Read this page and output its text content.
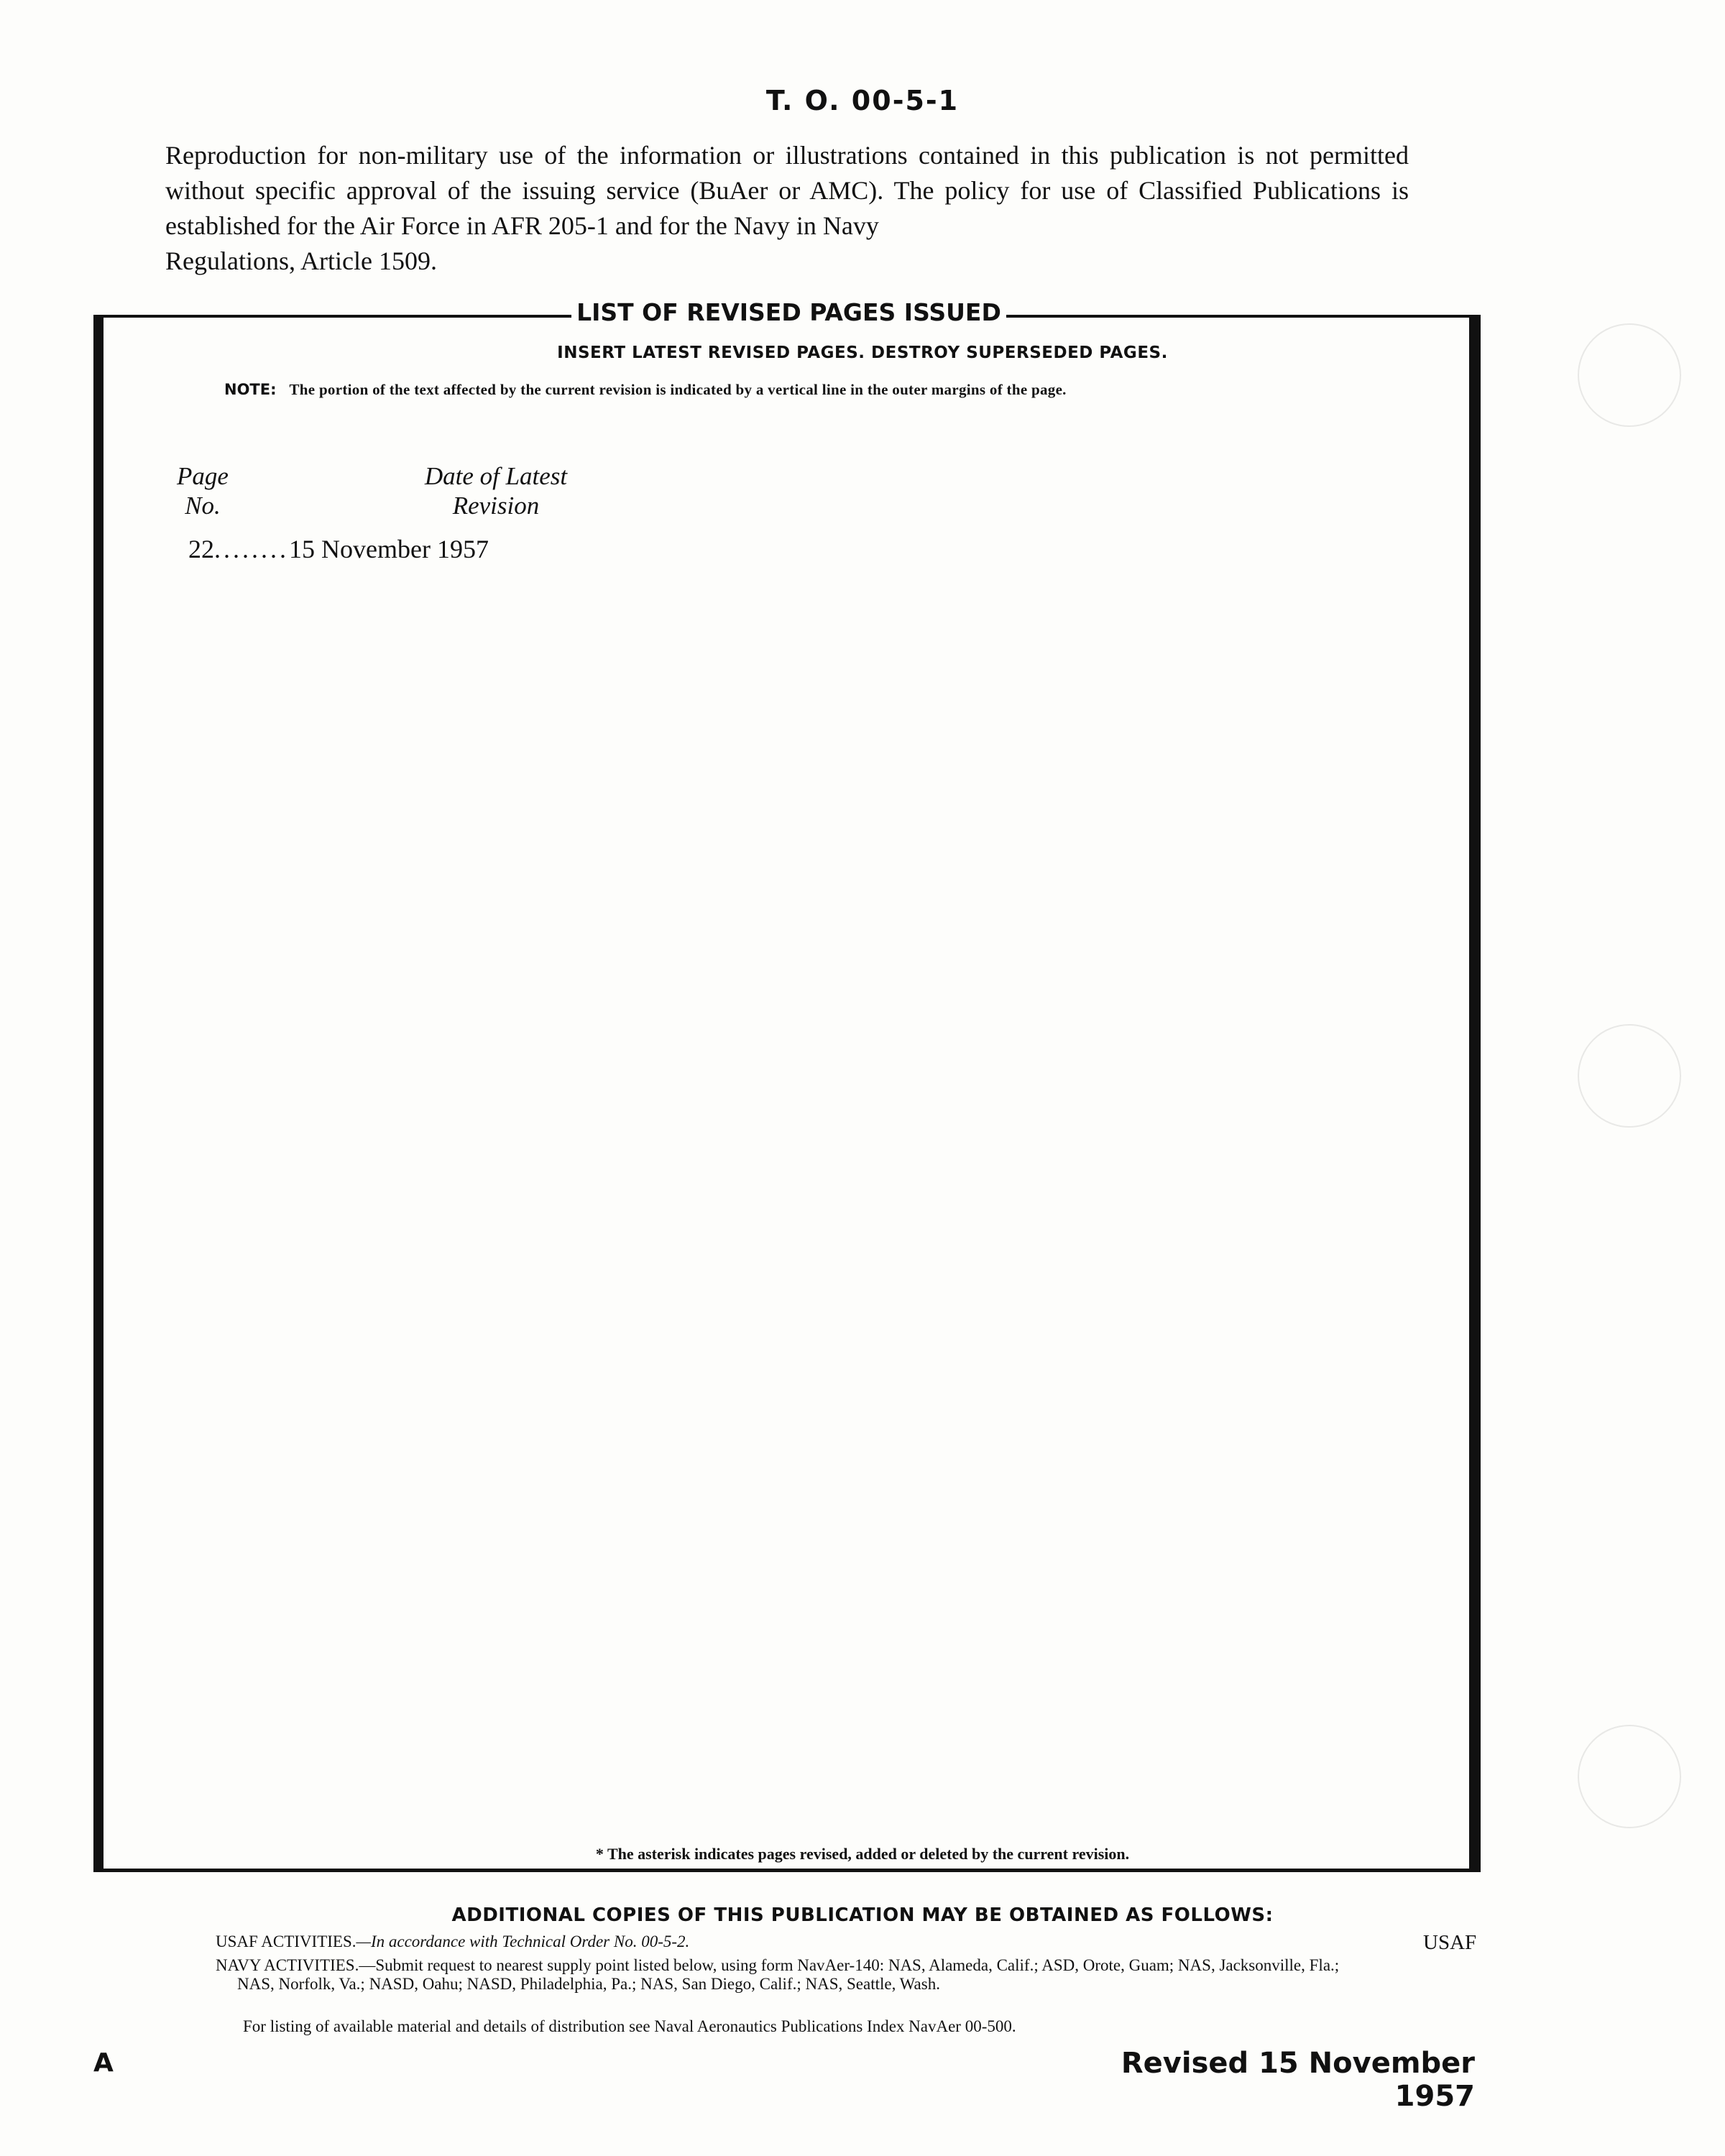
T. O. 00-5-1
Reproduction for non-military use of the information or illustrations contained in this publication is not permitted without specific approval of the issuing service (BuAer or AMC). The policy for use of Classified Publications is established for the Air Force in AFR 205-1 and for the Navy in Navy
Regulations, Article 1509.
LIST OF REVISED PAGES ISSUED
INSERT LATEST REVISED PAGES. DESTROY SUPERSEDED PAGES.
NOTE: The portion of the text affected by the current revision is indicated by a vertical line in the outer margins of the page.
Page No.
Date of Latest Revision
22........15 November 1957
* The asterisk indicates pages revised, added or deleted by the current revision.
ADDITIONAL COPIES OF THIS PUBLICATION MAY BE OBTAINED AS FOLLOWS:
USAF ACTIVITIES.—In accordance with Technical Order No. 00-5-2.	USAF
NAVY ACTIVITIES.—Submit request to nearest supply point listed below, using form NavAer-140: NAS, Alameda, Calif.; ASD, Orote, Guam; NAS, Jacksonville, Fla.; NAS, Norfolk, Va.; NASD, Oahu; NASD, Philadelphia, Pa.; NAS, San Diego, Calif.; NAS, Seattle, Wash.
For listing of available material and details of distribution see Naval Aeronautics Publications Index NavAer 00-500.
A	Revised 15 November 1957
